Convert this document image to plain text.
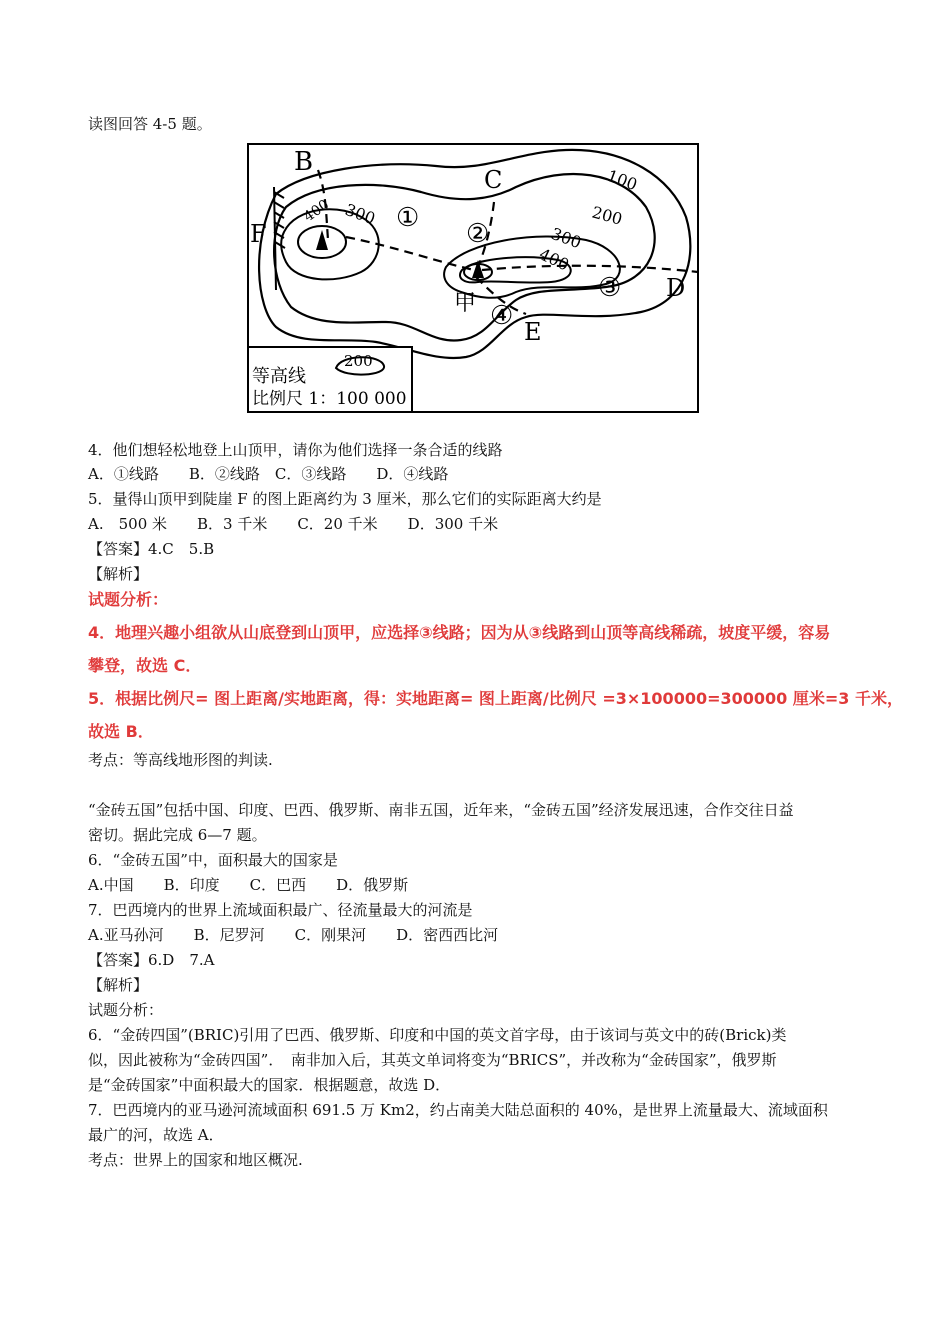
读图回答 4-5 题。
B
C
D
E
F
①
②
③
④
甲
100
200
300
300
400
400
200
等高线
比例尺 1：100 000
4．他们想轻松地登上山顶甲，请你为他们选择一条合适的线路
A．①线路　　B．②线路　C．③线路　　D．④线路
5．量得山顶甲到陡崖 F 的图上距离约为 3 厘米，那么它们的实际距离大约是
A.　500 米　　B．3 千米　　C．20 千米　　D．300 千米
【答案】4.C　5.B
【解析】
试题分析：
4．地理兴趣小组欲从山底登到山顶甲，应选择③线路；因为从③线路到山顶等高线稀疏，坡度平缓，容易
攀登，故选 C．
5．根据比例尺= 图上距离/实地距离，得：实地距离= 图上距离/比例尺 =3×100000=300000 厘米=3 千米，
故选 B．
考点：等高线地形图的判读.
“金砖五国”包括中国、印度、巴西、俄罗斯、南非五国，近年来，“金砖五国”经济发展迅速，合作交往日益
密切。据此完成 6—7 题。
6．“金砖五国”中，面积最大的国家是
A.中国　　B．印度　　C．巴西　　D．俄罗斯
7．巴西境内的世界上流域面积最广、径流量最大的河流是
A.亚马孙河　　B．尼罗河　　C．刚果河　　D．密西西比河
【答案】6.D　7.A
【解析】
试题分析：
6．“金砖四国”(BRIC)引用了巴西、俄罗斯、印度和中国的英文首字母，由于该词与英文中的砖(Brick)类
似，因此被称为“金砖四国”．　南非加入后，其英文单词将变为“BRICS”，并改称为“金砖国家”，俄罗斯
是“金砖国家”中面积最大的国家．根据题意，故选 D．
7．巴西境内的亚马逊河流域面积 691.5 万 Km2，约占南美大陆总面积的 40%，是世界上流量最大、流域面积
最广的河，故选 A．
考点：世界上的国家和地区概况.
